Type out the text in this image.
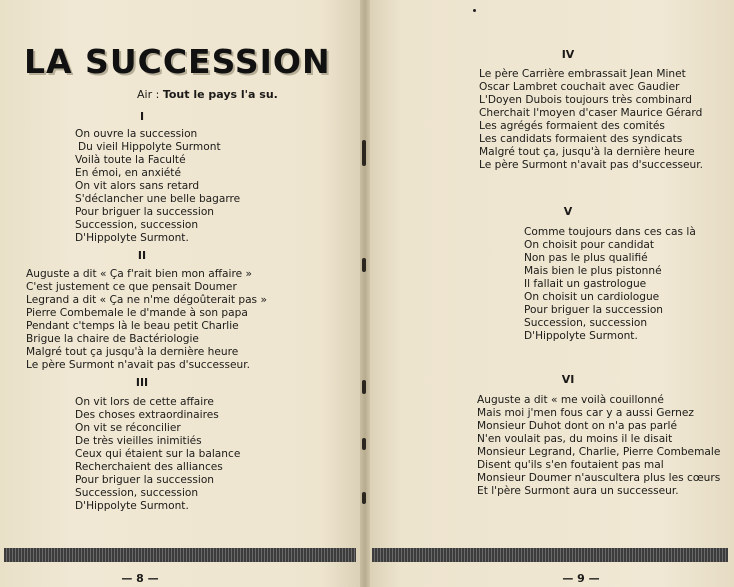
LA SUCCESSION
Air : Tout le pays l'a su.
I
On ouvre la succession
Du vieil Hippolyte Surmont
Voilà toute la Faculté
En émoi, en anxiété
On vit alors sans retard
S'déclancher une belle bagarre
Pour briguer la succession
Succession, succession
D'Hippolyte Surmont.
II
Auguste a dit « Ça f'rait bien mon affaire »
C'est justement ce que pensait Doumer
Legrand a dit « Ça ne n'me dégoûterait pas »
Pierre Combemale le d'mande à son papa
Pendant c'temps là le beau petit Charlie
Brigue la chaire de Bactériologie
Malgré tout ça jusqu'à la dernière heure
Le père Surmont n'avait pas d'successeur.
III
On vit lors de cette affaire
Des choses extraordinaires
On vit se réconcilier
De très vieilles inimitiés
Ceux qui étaient sur la balance
Recherchaient des alliances
Pour briguer la succession
Succession, succession
D'Hippolyte Surmont.
— 8 —
IV
Le père Carrière embrassait Jean Minet
Oscar Lambret couchait avec Gaudier
L'Doyen Dubois toujours très combinard
Cherchait l'moyen d'caser Maurice Gérard
Les agrégés formaient des comités
Les candidats formaient des syndicats
Malgré tout ça, jusqu'à la dernière heure
Le père Surmont n'avait pas d'successeur.
V
Comme toujours dans ces cas là
On choisit pour candidat
Non pas le plus qualifié
Mais bien le plus pistonné
Il fallait un gastrologue
On choisit un cardiologue
Pour briguer la succession
Succession, succession
D'Hippolyte Surmont.
VI
Auguste a dit « me voilà couillonné
Mais moi j'men fous car y a aussi Gernez
Monsieur Duhot dont on n'a pas parlé
N'en voulait pas, du moins il le disait
Monsieur Legrand, Charlie, Pierre Combemale
Disent qu'ils s'en foutaient pas mal
Monsieur Doumer n'auscultera plus les cœurs
Et l'père Surmont aura un successeur.
— 9 —
